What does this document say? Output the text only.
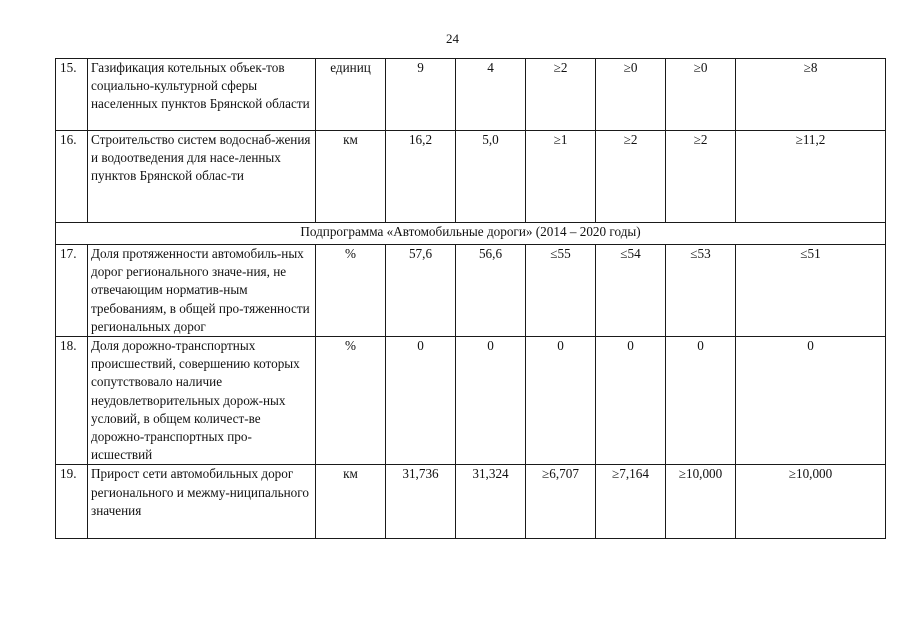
24
15.	Газификация котельных объек-тов социально-культурной сферы населенных пунктов Брянской области	единиц	9	4	≥2	≥0	≥0	≥8
16.	Строительство систем водоснаб-жения и водоотведения для насе-ленных пунктов Брянской облас-ти	км	16,2	5,0	≥1	≥2	≥2	≥11,2
Подпрограмма «Автомобильные дороги» (2014 – 2020 годы)								
17.	Доля протяженности автомобиль-ных дорог регионального значе-ния, не отвечающим норматив-ным требованиям, в общей про-тяженности региональных дорог	%	57,6	56,6	≤55	≤54	≤53	≤51
18.	Доля дорожно-транспортных происшествий, совершению которых сопутствовало наличие неудовлетворительных дорож-ных условий, в общем количест-ве дорожно-транспортных про-исшествий	%	0	0	0	0	0	0
19.	Прирост сети автомобильных дорог регионального и межму-ниципального значения	км	31,736	31,324	≥6,707	≥7,164	≥10,000	≥10,000
